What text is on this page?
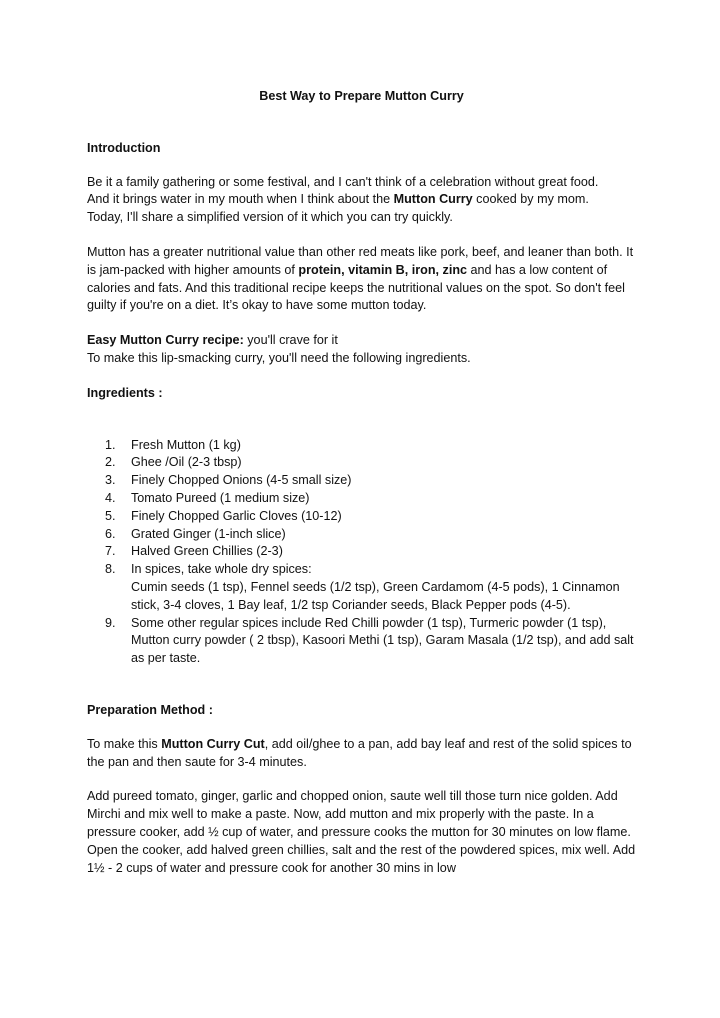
Best Way to Prepare Mutton Curry
Introduction

Be it a family gathering or some festival, and I can't think of a celebration without great food.
And it brings water in my mouth when I think about the Mutton Curry cooked by my mom.
Today, I'll share a simplified version of it which you can try quickly.

Mutton has a greater nutritional value than other red meats like pork, beef, and leaner than both. It is jam-packed with higher amounts of protein, vitamin B, iron, zinc and has a low content of calories and fats. And this traditional recipe keeps the nutritional values on the spot. So don't feel guilty if you're on a diet. It’s okay to have some mutton today.

Easy Mutton Curry recipe: you'll crave for it
To make this lip-smacking curry, you'll need the following ingredients.

Ingredients :
1. Fresh Mutton (1 kg)
2. Ghee /Oil (2-3 tbsp)
3. Finely Chopped Onions (4-5 small size)
4. Tomato Pureed (1 medium size)
5. Finely Chopped Garlic Cloves (10-12)
6. Grated Ginger (1-inch slice)
7. Halved Green Chillies (2-3)
8. In spices, take whole dry spices:
Cumin seeds (1 tsp), Fennel seeds (1/2 tsp), Green Cardamom (4-5 pods), 1 Cinnamon stick, 3-4 cloves, 1 Bay leaf, 1/2 tsp Coriander seeds, Black Pepper pods (4-5).
9. Some other regular spices include Red Chilli powder (1 tsp), Turmeric powder (1 tsp), Mutton curry powder ( 2 tbsp), Kasoori Methi (1 tsp), Garam Masala (1/2 tsp), and add salt as per taste.
Preparation Method :

To make this Mutton Curry Cut, add oil/ghee to a pan, add bay leaf and rest of the solid spices to the pan and then saute for 3-4 minutes.

Add pureed tomato, ginger, garlic and chopped onion, saute well till those turn nice golden. Add Mirchi and mix well to make a paste. Now, add mutton and mix properly with the paste. In a pressure cooker, add ½ cup of water, and pressure cooks the mutton for 30 minutes on low flame. Open the cooker, add halved green chillies, salt and the rest of the powdered spices, mix well. Add 1½ - 2 cups of water and pressure cook for another 30 mins in low
